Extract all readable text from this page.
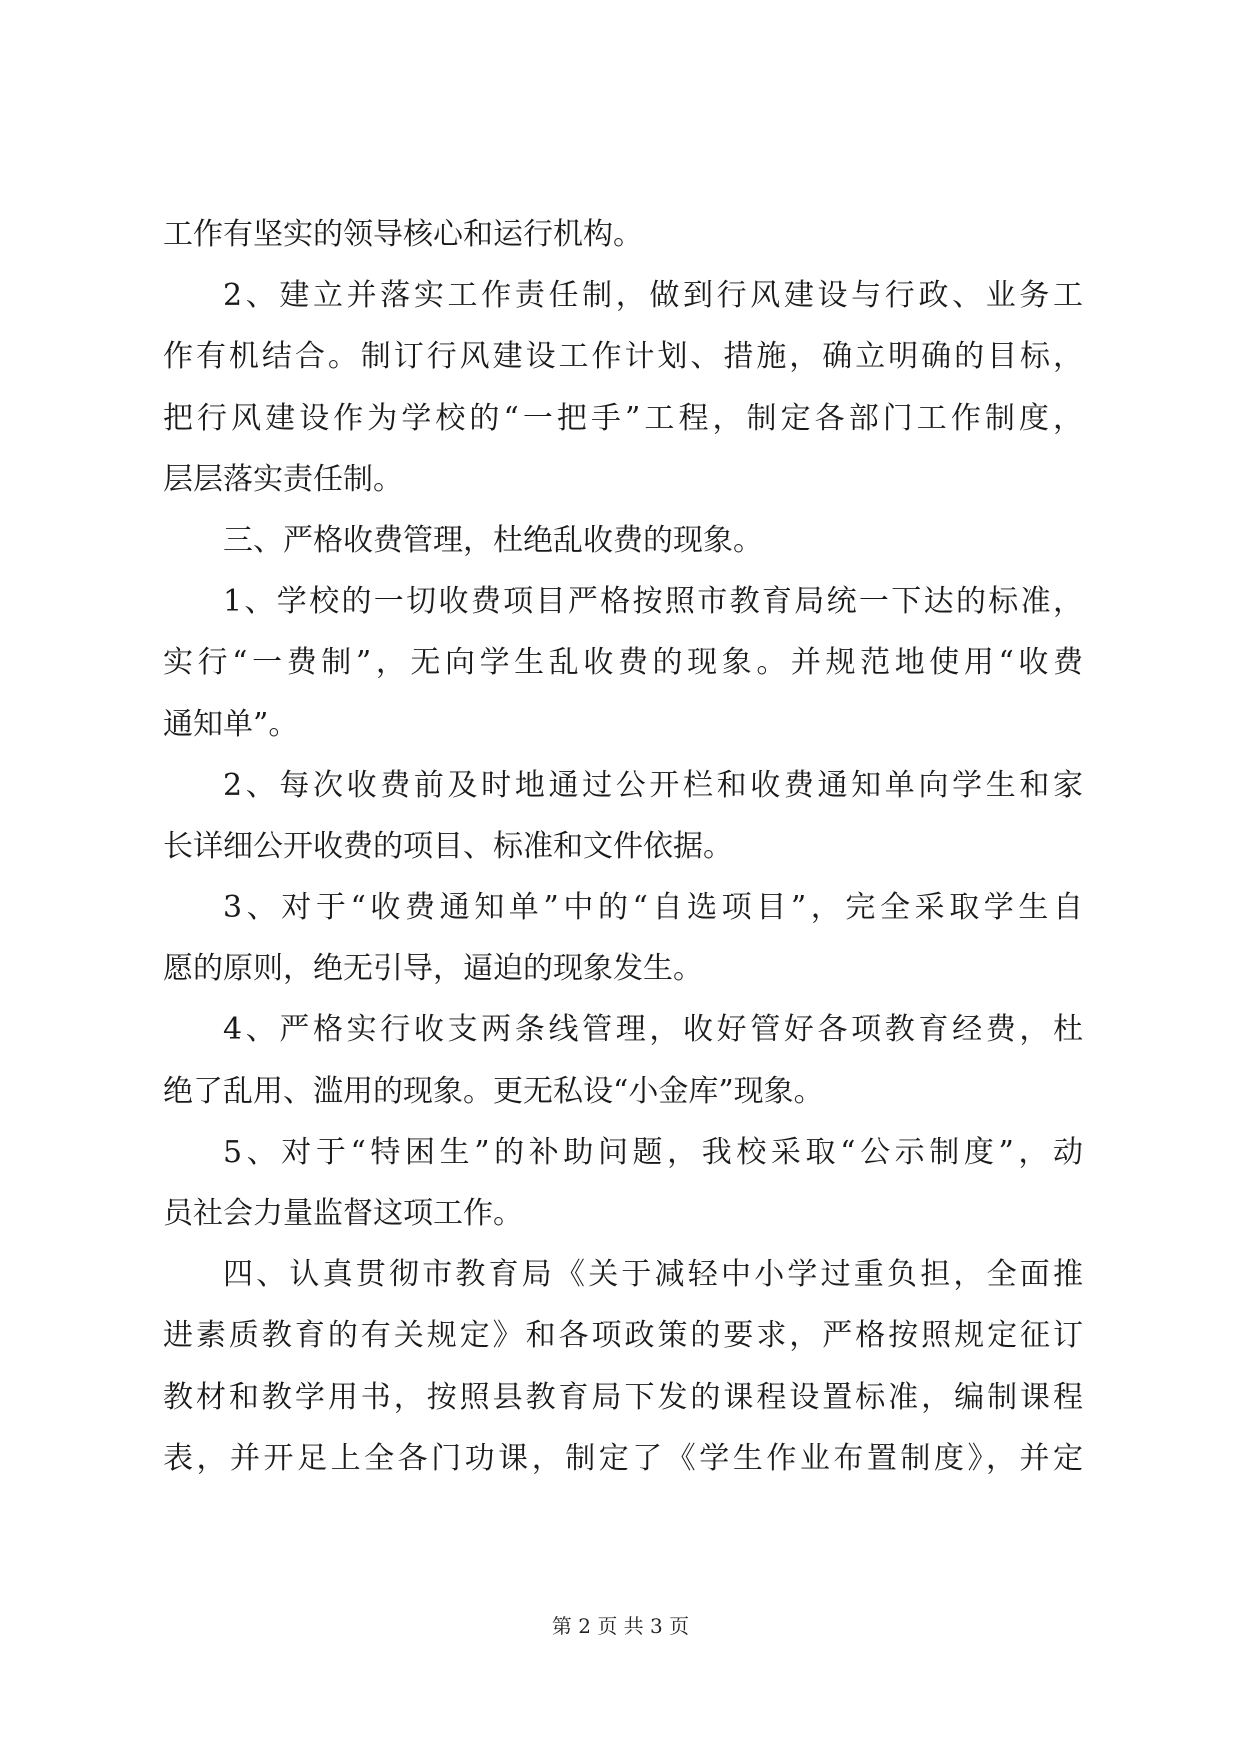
工作有坚实的领导核心和运行机构。
2、建立并落实工作责任制，做到行风建设与行政、业务工
作有机结合。制订行风建设工作计划、措施，确立明确的目标，
把行风建设作为学校的“一把手”工程，制定各部门工作制度，
层层落实责任制。
三、严格收费管理，杜绝乱收费的现象。
1、学校的一切收费项目严格按照市教育局统一下达的标准，
实行“一费制”，无向学生乱收费的现象。并规范地使用“收费
通知单”。
2、每次收费前及时地通过公开栏和收费通知单向学生和家
长详细公开收费的项目、标准和文件依据。
3、对于“收费通知单”中的“自选项目”，完全采取学生自
愿的原则，绝无引导，逼迫的现象发生。
4、严格实行收支两条线管理，收好管好各项教育经费，杜
绝了乱用、滥用的现象。更无私设“小金库”现象。
5、对于“特困生”的补助问题，我校采取“公示制度”，动
员社会力量监督这项工作。
四、认真贯彻市教育局《关于减轻中小学过重负担，全面推
进素质教育的有关规定》和各项政策的要求，严格按照规定征订
教材和教学用书，按照县教育局下发的课程设置标准，编制课程
表，并开足上全各门功课，制定了《学生作业布置制度》，并定
第 2 页 共 3 页
